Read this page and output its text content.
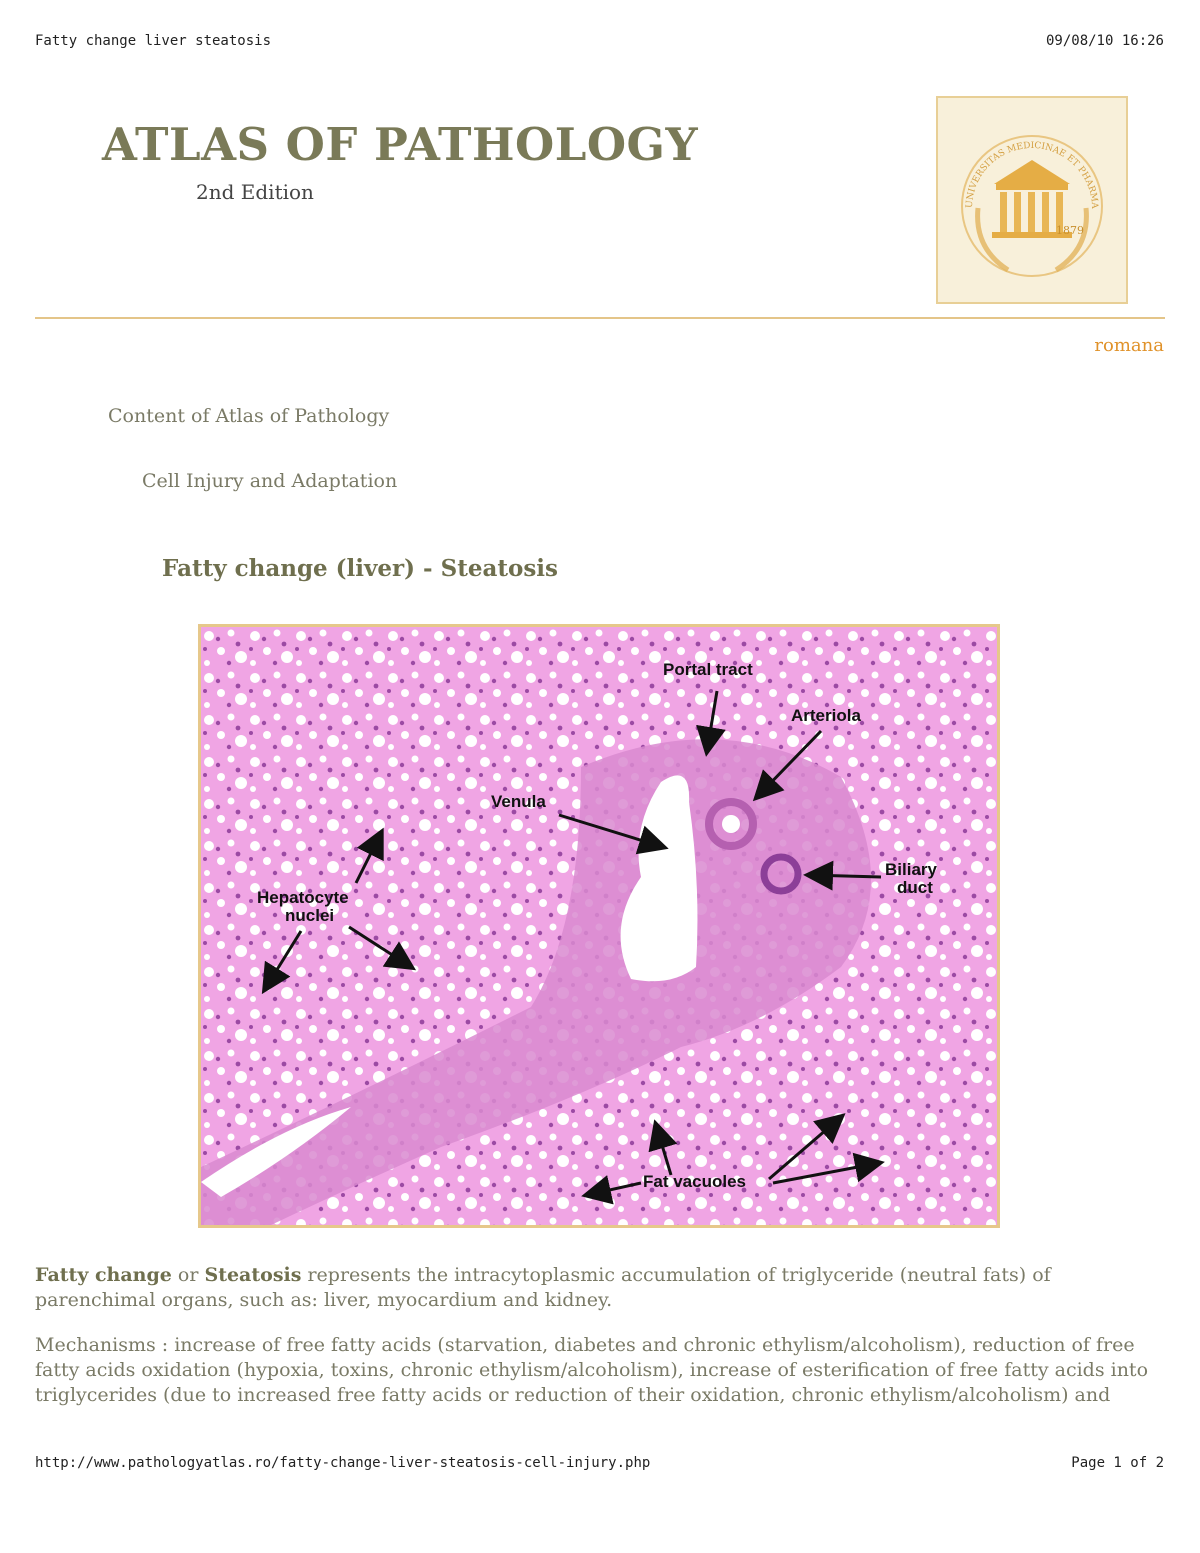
Fatty change liver steatosis	09/08/10 16:26
ATLAS OF PATHOLOGY
2nd Edition
UNIVERSITAS MEDICINAE ET PHARMA
1879
romana
Content of Atlas of Pathology
Cell Injury and Adaptation
Fatty change (liver) - Steatosis
Portal tract
Arteriola
Venula
Biliary
duct
Hepatocyte
nuclei
Fat vacuoles
Fatty change or Steatosis represents the intracytoplasmic accumulation of triglyceride (neutral fats) of parenchimal organs, such as: liver, myocardium and kidney.
Mechanisms : increase of free fatty acids (starvation, diabetes and chronic ethylism/alcoholism), reduction of free fatty acids oxidation (hypoxia, toxins, chronic ethylism/alcoholism), increase of esterification of free fatty acids into triglycerides (due to increased free fatty acids or reduction of their oxidation, chronic ethylism/alcoholism) and
http://www.pathologyatlas.ro/fatty-change-liver-steatosis-cell-injury.php	Page 1 of 2
